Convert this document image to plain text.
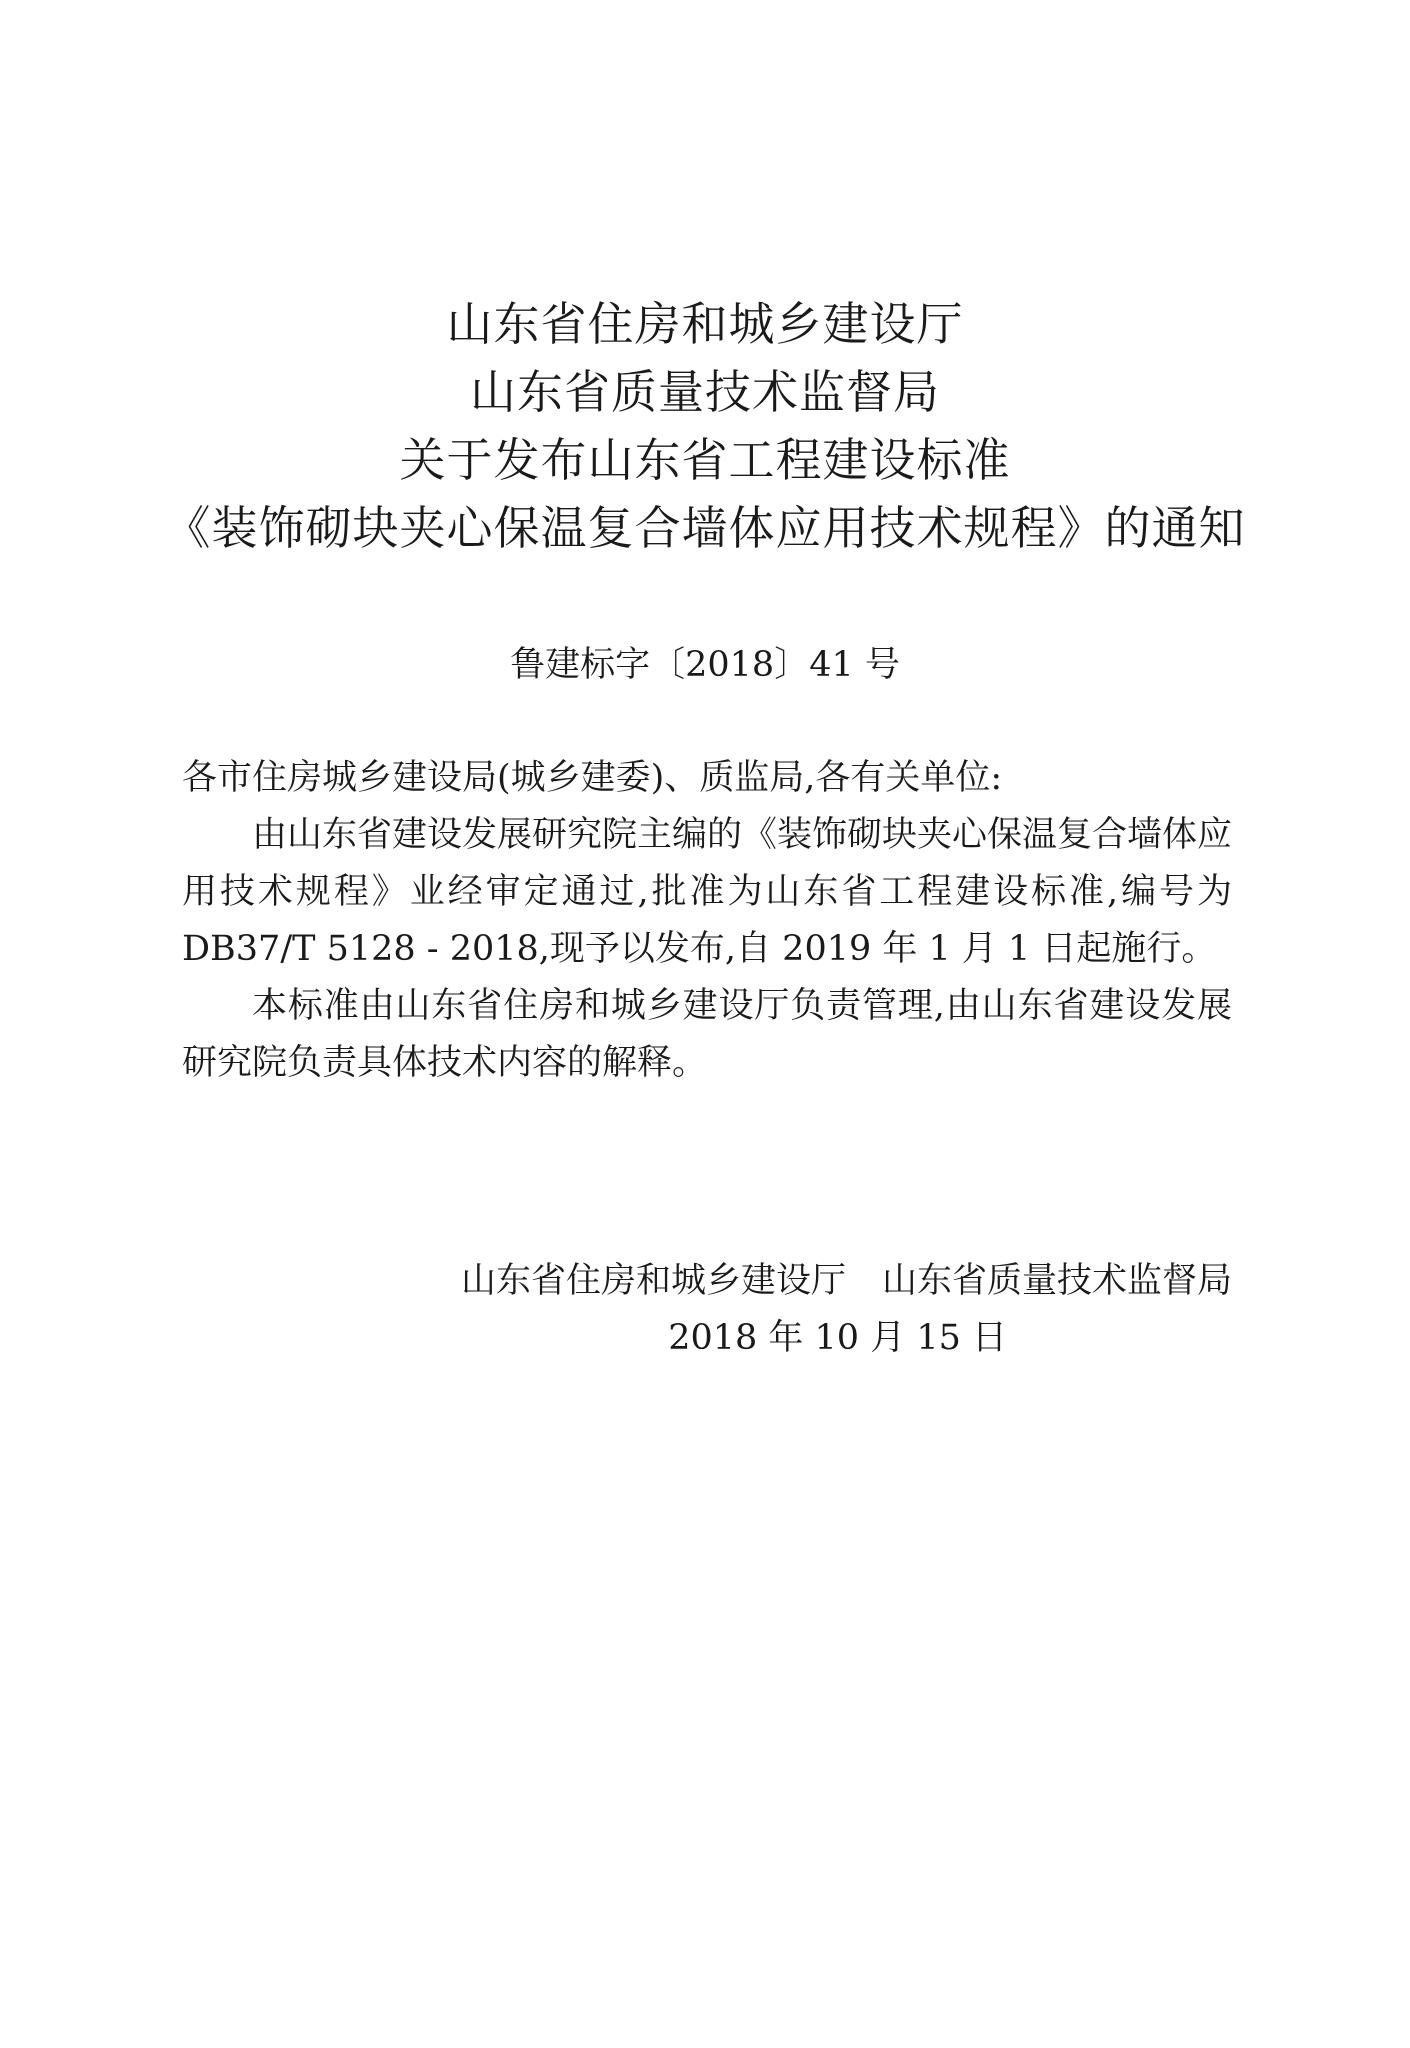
山东省住房和城乡建设厅
山东省质量技术监督局
关于发布山东省工程建设标准
《装饰砌块夹心保温复合墙体应用技术规程》的通知
鲁建标字〔2018〕41 号

各市住房城乡建设局(城乡建委)、质监局,各有关单位:

由山东省建设发展研究院主编的《装饰砌块夹心保温复合墙体应用技术规程》业经审定通过,批准为山东省工程建设标准,编号为 DB37/T 5128 - 2018,现予以发布,自 2019 年 1 月 1 日起施行。

本标准由山东省住房和城乡建设厅负责管理,由山东省建设发展研究院负责具体技术内容的解释。

山东省住房和城乡建设厅 山东省质量技术监督局
2018 年 10 月 15 日
